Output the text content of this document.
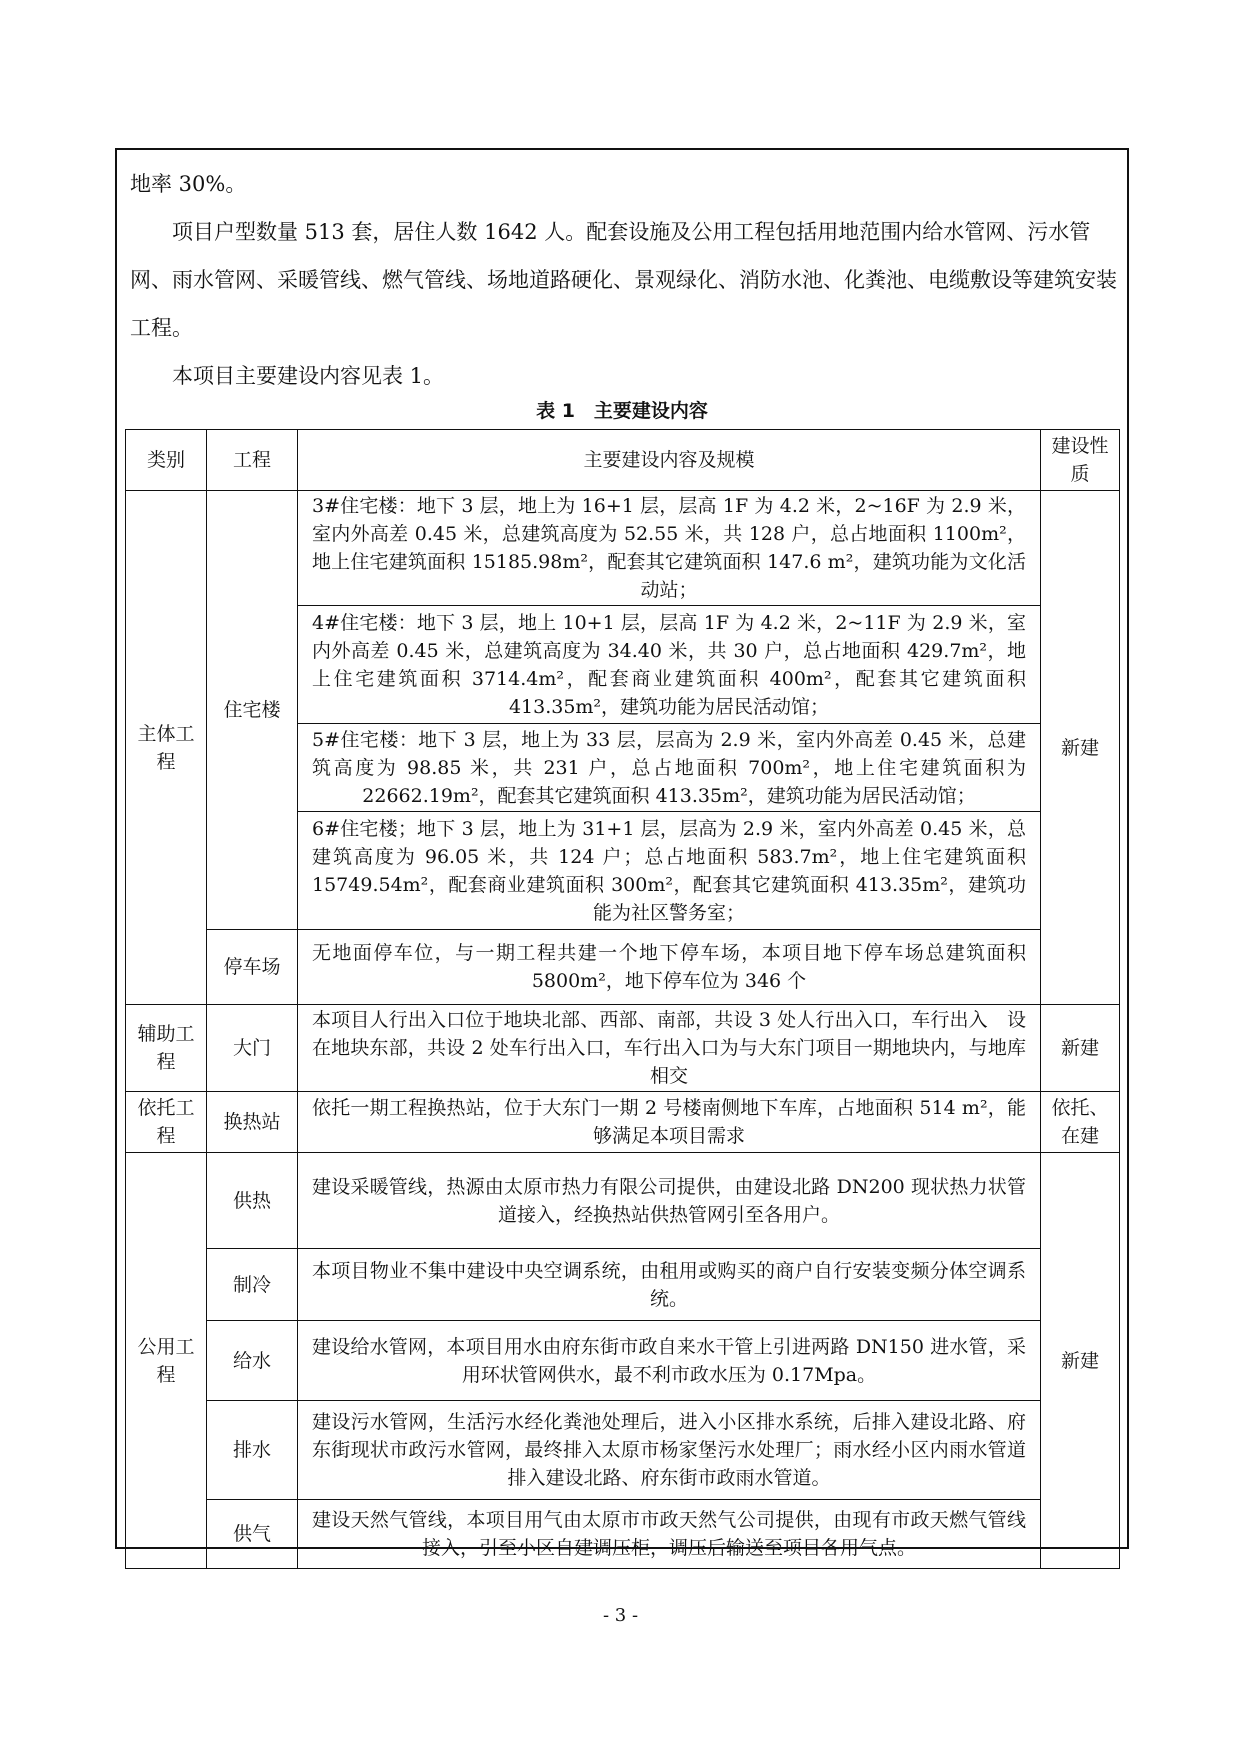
地率 30%。

项目户型数量 513 套，居住人数 1642 人。配套设施及公用工程包括用地范围内给水管网、污水管网、雨水管网、采暖管线、燃气管线、场地道路硬化、景观绿化、消防水池、化粪池、电缆敷设等建筑安装工程。

本项目主要建设内容见表 1。

表 1　主要建设内容
类别	工程	主要建设内容及规模	建设性质
主体工程	住宅楼	3#住宅楼：地下 3 层，地上为 16+1 层，层高 1F 为 4.2 米，2~16F 为 2.9 米，室内外高差 0.45 米，总建筑高度为 52.55 米，共 128 户，总占地面积 1100m²，地上住宅建筑面积 15185.98m²，配套其它建筑面积 147.6 m²，建筑功能为文化活动站；	新建
		4#住宅楼：地下 3 层，地上 10+1 层，层高 1F 为 4.2 米，2~11F 为 2.9 米，室内外高差 0.45 米，总建筑高度为 34.40 米，共 30 户，总占地面积 429.7m²，地上住宅建筑面积 3714.4m²，配套商业建筑面积 400m²，配套其它建筑面积 413.35m²，建筑功能为居民活动馆；	
		5#住宅楼：地下 3 层，地上为 33 层，层高为 2.9 米，室内外高差 0.45 米，总建筑高度为 98.85 米，共 231 户，总占地面积 700m²，地上住宅建筑面积为 22662.19m²，配套其它建筑面积 413.35m²，建筑功能为居民活动馆；	
		6#住宅楼；地下 3 层，地上为 31+1 层，层高为 2.9 米，室内外高差 0.45 米，总建筑高度为 96.05 米，共 124 户；总占地面积 583.7m²，地上住宅建筑面积 15749.54m²，配套商业建筑面积 300m²，配套其它建筑面积 413.35m²，建筑功能为社区警务室；	
	停车场	无地面停车位，与一期工程共建一个地下停车场，本项目地下停车场总建筑面积 5800m²，地下停车位为 346 个	
辅助工程	大门	本项目人行出入口位于地块北部、西部、南部，共设 3 处人行出入口，车行出入　设在地块东部，共设 2 处车行出入口，车行出入口为与大东门项目一期地块内，与地库相交	新建
依托工程	换热站	依托一期工程换热站，位于大东门一期 2 号楼南侧地下车库，占地面积 514 m²，能够满足本项目需求	依托、在建
公用工程	供热	建设采暖管线，热源由太原市热力有限公司提供，由建设北路 DN200 现状热力状管道接入，经换热站供热管网引至各用户。	新建
	制冷	本项目物业不集中建设中央空调系统，由租用或购买的商户自行安装变频分体空调系统。	
	给水	建设给水管网，本项目用水由府东街市政自来水干管上引进两路 DN150 进水管，采用环状管网供水，最不利市政水压为 0.17Mpa。	
	排水	建设污水管网，生活污水经化粪池处理后，进入小区排水系统，后排入建设北路、府东街现状市政污水管网，最终排入太原市杨家堡污水处理厂；雨水经小区内雨水管道排入建设北路、府东街市政雨水管道。	
	供气	建设天然气管线，本项目用气由太原市市政天然气公司提供，由现有市政天燃气管线接入，引至小区自建调压柜，调压后输送至项目各用气点。	
- 3 -
